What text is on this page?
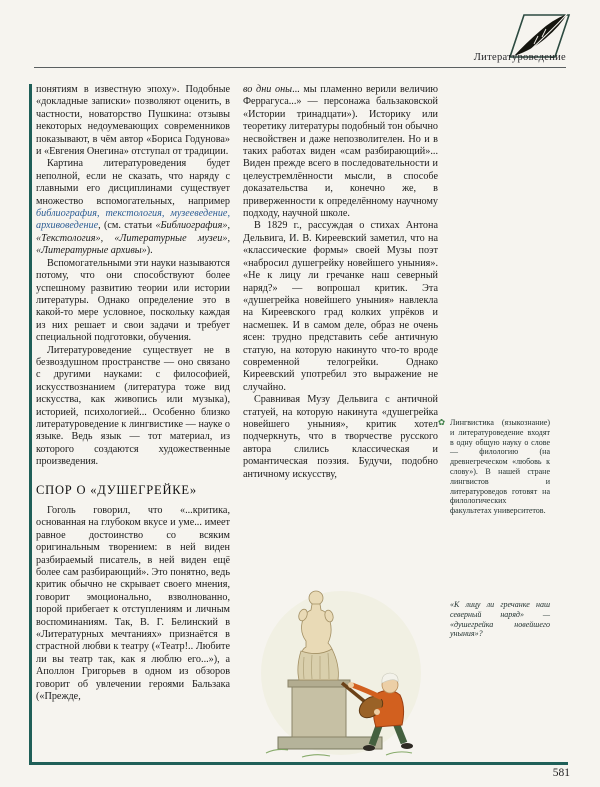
Литературоведение

понятиям в известную эпоху». Подобные «докладные записки» позволяют оценить, в частности, новаторство Пушкина: отзывы некоторых недоумевающих современников показывают, в чём автор «Бориса Годунова» и «Евгения Онегина» отступал от традиции.

Картина литературоведения будет неполной, если не сказать, что наряду с главными его дисциплинами существует множество вспомогательных, например библиография, текстология, музееведение, архивоведение, (см. статьи «Библиография», «Текстология», «Литературные музеи», «Литературные архивы»).

Вспомогательными эти науки называются потому, что они способствуют более успешному развитию теории или истории литературы. Однако определение это в какой-то мере условное, поскольку каждая из них решает и свои задачи и требует специальной подготовки, обучения.

Литературоведение существует не в безвоздушном пространстве — оно связано с другими науками: с философией, искусствознанием (литература тоже вид искусства, как живопись или музыка), историей, психологией... Особенно близко литературоведение к лингвистике — науке о языке. Ведь язык — тот материал, из которого создаются художественные произведения.

СПОР О «ДУШЕГРЕЙКЕ»

Гоголь говорил, что «...критика, основанная на глубоком вкусе и уме... имеет равное достоинство со всяким оригинальным творением: в ней виден разбираемый писатель, в ней виден ещё более сам разбирающий». Это понятно, ведь критик обычно не скрывает своего мнения, говорит эмоционально, взволнованно, порой прибегает к отступлениям и личным воспоминаниям. Так, В. Г. Белинский в «Литературных мечтаниях» признаётся в страстной любви к театру («Театр!.. Любите ли вы театр так, как я люблю его...»), а Аполлон Григорьев в одном из обзоров говорит об увлечении героями Бальзака («Прежде,

во дни оны... мы пламенно верили величию Феррагуса...» — персонажа бальзаковской «Истории тринадцати»). Историку или теоретику литературы подобный тон обычно несвойствен и даже непозволителен. Но и в таких работах виден «сам разбирающий»... Виден прежде всего в последовательности и целеустремлённости мысли, в способе доказательства и, конечно же, в приверженности к определённому научному подходу, научной школе.

В 1829 г., рассуждая о стихах Антона Дельвига, И. В. Киреевский заметил, что на «классические формы» своей Музы поэт «набросил душегрейку новейшего уныния». «Не к лицу ли гречанке наш северный наряд?» — вопрошал критик. Эта «душегрейка новейшего уныния» навлекла на Киреевского град колких упрёков и насмешек. И в самом деле, образ не очень ясен: трудно представить себе античную статую, на которую накинуто что-то вроде современной телогрейки. Однако Киреевский употребил это выражение не случайно.

Сравнивая Музу Дельвига с античной статуей, на которую накинута «душегрейка новейшего уныния», критик хотел подчеркнуть, что в творчестве русского автора слились классическая и романтическая поэзия. Будучи, подобно античному искусству,

✿ Лингвистика (языкознание) и литературоведение входят в одну общую науку о слове — филологию (на древнегреческом «любовь к слову»). В нашей стране лингвистов и литературоведов готовят на филологических факультетах университетов.
«К лицу ли гречанке наш северный наряд» — «душегрейка новейшего уныния»?
581
